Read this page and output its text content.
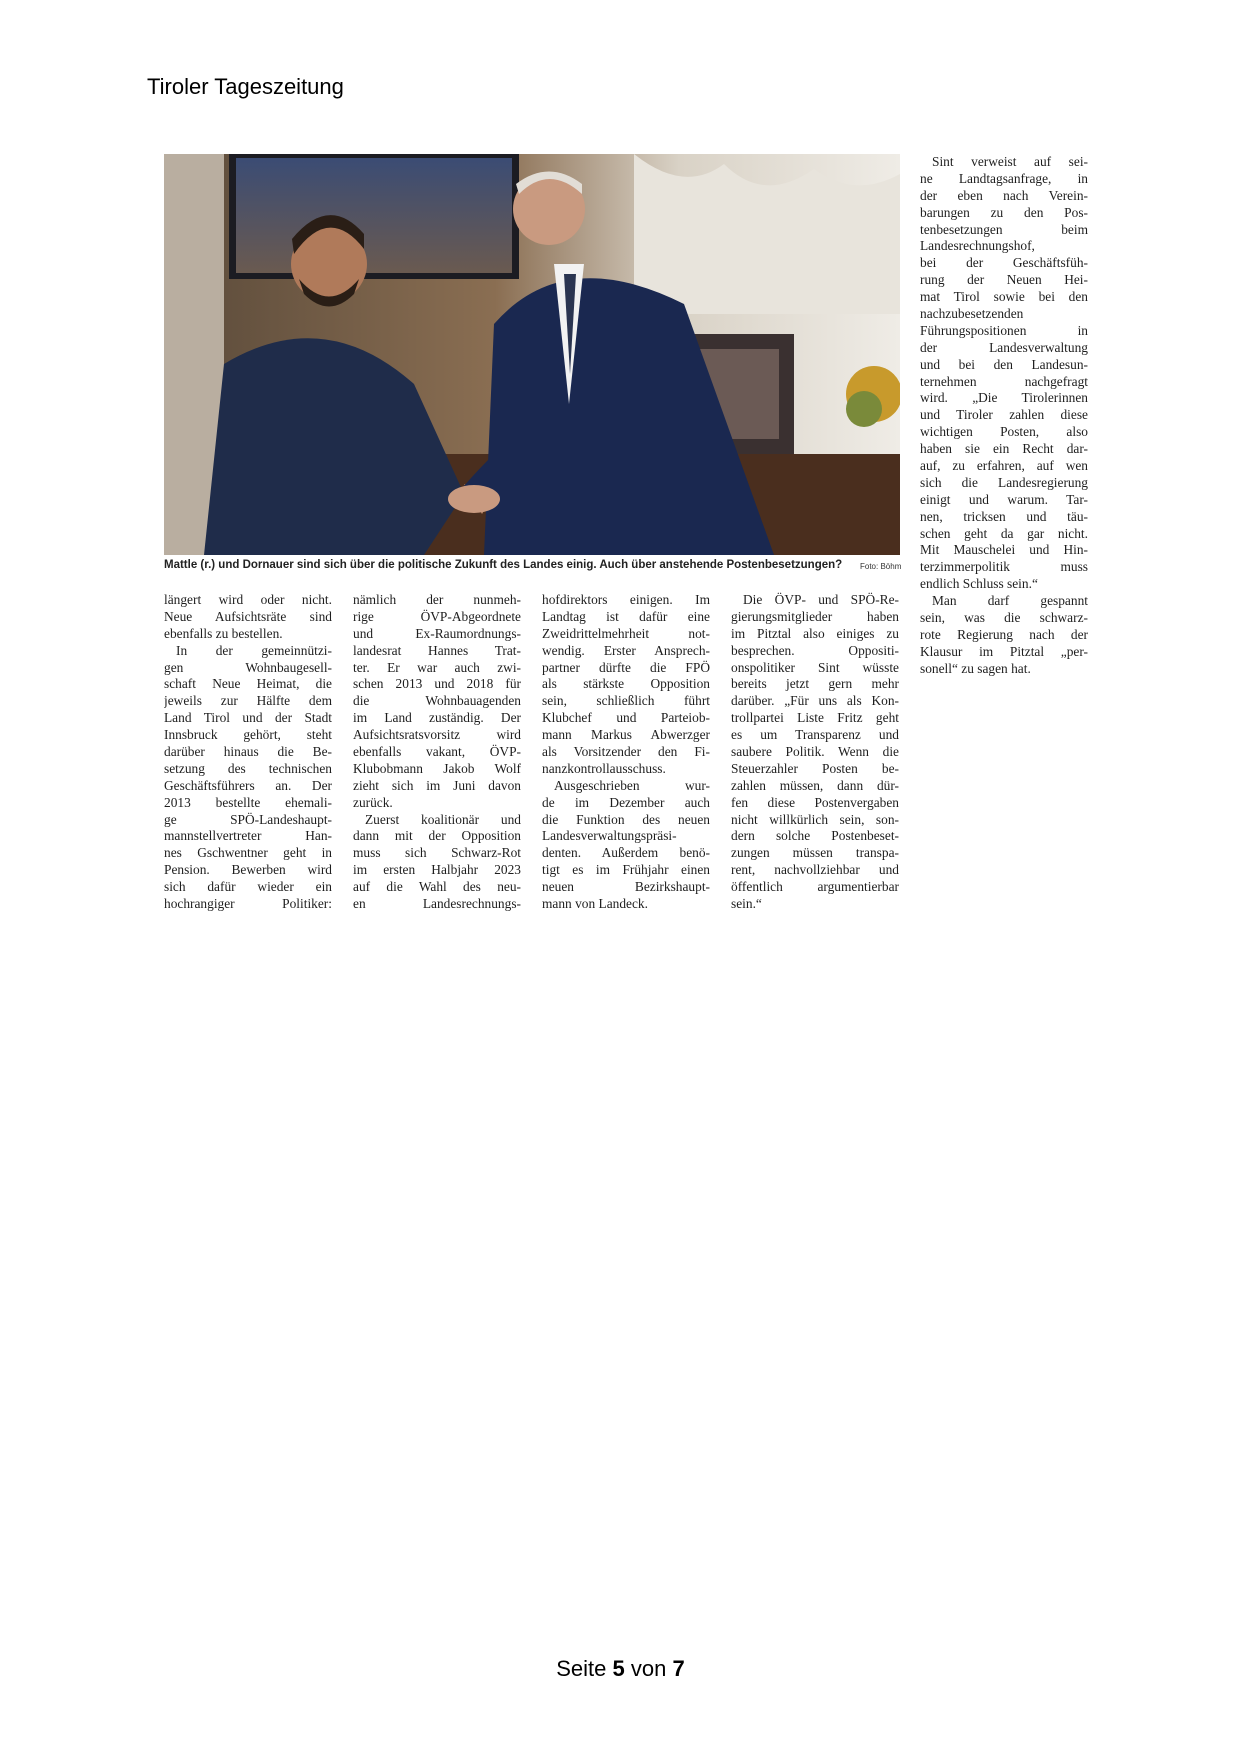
Tiroler Tageszeitung
Mattle (r.) und Dornauer sind sich über die politische Zukunft des Landes einig. Auch über anstehende Postenbesetzungen? Foto: Böhm
längert wird oder nicht.
Neue Aufsichtsräte sind
ebenfalls zu bestellen.
In der gemeinnützi-
gen Wohnbaugesell-
schaft Neue Heimat, die
jeweils zur Hälfte dem
Land Tirol und der Stadt
Innsbruck gehört, steht
darüber hinaus die Be-
setzung des technischen
Geschäftsführers an. Der
2013 bestellte ehemali-
ge SPÖ-Landeshaupt-
mannstellvertreter Han-
nes Gschwentner geht in
Pension. Bewerben wird
sich dafür wieder ein
hochrangiger Politiker:
nämlich der nunmeh-
rige ÖVP-Abgeordnete
und Ex-Raumordnungs-
landesrat Hannes Trat-
ter. Er war auch zwi-
schen 2013 und 2018 für
die Wohnbauagenden
im Land zuständig. Der
Aufsichtsratsvorsitz wird
ebenfalls vakant, ÖVP-
Klubobmann Jakob Wolf
zieht sich im Juni davon
zurück.
Zuerst koalitionär und
dann mit der Opposition
muss sich Schwarz-Rot
im ersten Halbjahr 2023
auf die Wahl des neu-
en Landesrechnungs-
hofdirektors einigen. Im
Landtag ist dafür eine
Zweidrittelmehrheit not-
wendig. Erster Ansprech-
partner dürfte die FPÖ
als stärkste Opposition
sein, schließlich führt
Klubchef und Parteiob-
mann Markus Abwerzger
als Vorsitzender den Fi-
nanzkontrollausschuss.
Ausgeschrieben wur-
de im Dezember auch
die Funktion des neuen
Landesverwaltungspräsi-
denten. Außerdem benö-
tigt es im Frühjahr einen
neuen Bezirkshaupt-
mann von Landeck.
Die ÖVP- und SPÖ-Re-
gierungsmitglieder haben
im Pitztal also einiges zu
besprechen. Oppositi-
onspolitiker Sint wüsste
bereits jetzt gern mehr
darüber. „Für uns als Kon-
trollpartei Liste Fritz geht
es um Transparenz und
saubere Politik. Wenn die
Steuerzahler Posten be-
zahlen müssen, dann dür-
fen diese Postenvergaben
nicht willkürlich sein, son-
dern solche Postenbeset-
zungen müssen transpa-
rent, nachvollziehbar und
öffentlich argumentierbar
sein.“
Sint verweist auf sei-
ne Landtagsanfrage, in
der eben nach Verein-
barungen zu den Pos-
tenbesetzungen beim
Landesrechnungshof,
bei der Geschäftsfüh-
rung der Neuen Hei-
mat Tirol sowie bei den
nachzubesetzenden
Führungspositionen in
der Landesverwaltung
und bei den Landesun-
ternehmen nachgefragt
wird. „Die Tirolerinnen
und Tiroler zahlen diese
wichtigen Posten, also
haben sie ein Recht dar-
auf, zu erfahren, auf wen
sich die Landesregierung
einigt und warum. Tar-
nen, tricksen und täu-
schen geht da gar nicht.
Mit Mauschelei und Hin-
terzimmerpolitik muss
endlich Schluss sein.“
Man darf gespannt
sein, was die schwarz-
rote Regierung nach der
Klausur im Pitztal „per-
sonell“ zu sagen hat.
Seite 5 von 7
